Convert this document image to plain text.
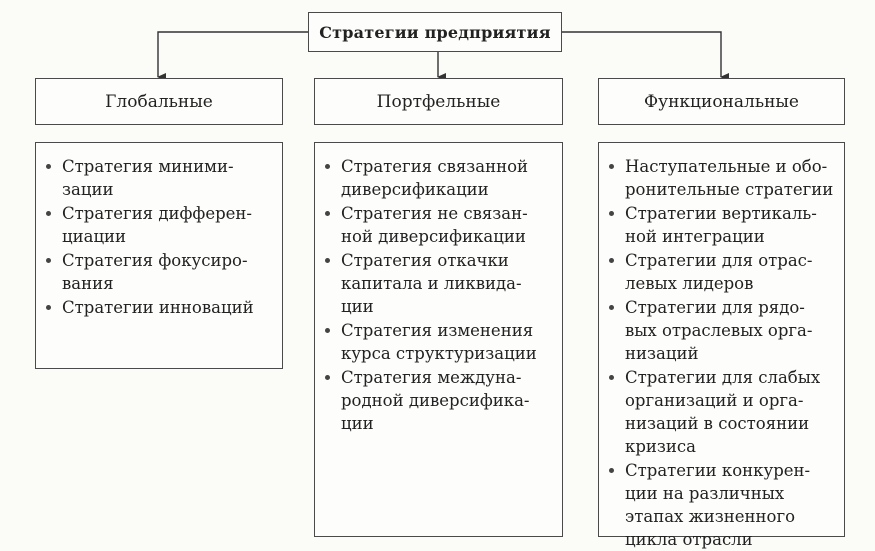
Стратегии предприятия
Глобальные	Портфельные	Функциональные
Стратегия миними-
зации
Стратегия дифферен-
циации
Стратегия фокусиро-
вания
Стратегии инноваций
Стратегия связанной
диверсификации
Стратегия не связан-
ной диверсификации
Стратегия откачки
капитала и ликвида-
ции
Стратегия изменения
курса структуризации
Стратегия междуна-
родной диверсифика-
ции
Наступательные и обо-
ронительные стратегии
Стратегии вертикаль-
ной интеграции
Стратегии для отрас-
левых лидеров
Стратегии для рядо-
вых отраслевых орга-
низаций
Стратегии для слабых
организаций и орга-
низаций в состоянии
кризиса
Стратегии конкурен-
ции на различных
этапах жизненного
цикла отрасли
